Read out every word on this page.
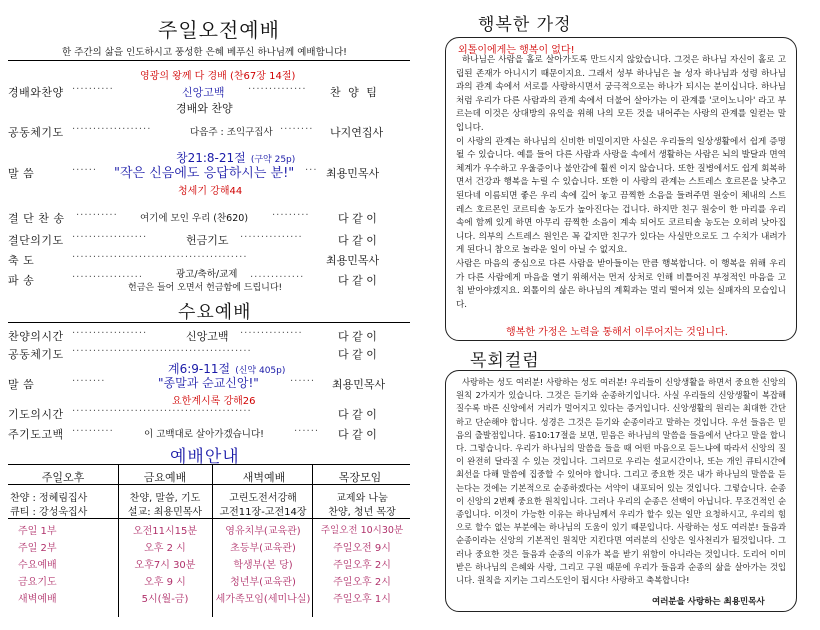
주일오전예배
한 주간의 삶을 인도하시고 풍성한 은혜 베푸신 하나님께 예배합니다!
영광의 왕께 다 경배 (찬67장 14절)
경배와찬양 ··········	신앙고백 ··············	찬 양 팀
경배와 찬양
공동체기도 ···················	다음주 : 조익구집사 ········	나지연집사
창21:8-21절 (구약 25p)
말 씀	······	"작은 신음에도 응답하시는 분!" ··· 최용민목사
청세기 강해44
결 단 찬 송 ··········	여기에 모인 우리 (찬620) ·········	다 같 이
결단의기도 ··················	헌금기도 ···············	다 같 이
축 도	··········································	최용민목사
파 송	·················	광고/축하/교제 ·············	다 같 이
헌금은 들어 오면서 헌금함에 드립니다!
수요예배
찬양의시간 ··················	신앙고백 ···············	다 같 이
공동체기도 ···········································	다 같 이
계6:9-11절 (신약 405p)
말 씀	········	"종말과 순교신앙!"	······	최용민목사
요한계시록 강해26
기도의시간 ···········································	다 같 이
주기도고백 ··········	이 고백대로 살아가겠습니다!	······	다 같 이
예배안내
주일오후	금요예배	새벽예배	목장모임
찬양 : 정혜림집사	찬양, 말씀, 기도	고린도전서강해	교제와 나눔
큐티 : 강성욱집사	설교: 최용민목사	고전11장-고전14장	찬양, 청년 목장
주일 1부	오전11시15분	영유치부(교육관)	주일오전 10시30분
주일 2부	오후 2 시	초등부(교육관)	주일오전 9시
수요예배	오후7시 30분	학생부(본 당)	주일오후 2시
금요기도	오후 9 시	청년부(교육관)	주일오후 2시
새벽예배	5시(월-금)	세가족모임(세미나실)	주일오후 1시
행복한 가정
외톨이에게는 행복이 없다!
하나님은 사람을 홀로 살아가도록 만드시지 않았습니다. 그것은 하나님 자신이 홀로 고립된 존재가 아니시기 때문이지요. 그래서 성부 하나님은 늘 성자 하나님과 성령 하나님과의 관계 속에서 서로를 사랑하시면서 궁극적으로는 하나가 되시는 분이십니다. 하나님처럼 우리가 다른 사람과의 관계 속에서 더불어 살아가는 이 관계를 '코이노니아' 라고 부르는데 이것은 상대방의 유익을 위해 나의 모든 것을 내어주는 사랑의 관계를 일컫는 말입니다.
이 사랑의 관계는 하나님의 신비한 비밀이지만 사실은 우리들의 일상생활에서 쉽게 증명 될 수 있습니다. 예를 들어 다른 사람과 사랑을 속에서 생활하는 사람은 뇌의 발달과 면역체계가 우수하고 우울증이나 불안감에 훨씬 이지 않습니다. 또한 질병에서도 쉽게 회복하면서 건강과 행복을 누릴 수 있습니다. 또한 이 사랑의 관계는 스트레스 호르몬을 낮추고 된다네 이름되면 좋은 우리 속에 깊어 놓고 끔찍한 소음을 들려주면 원숭이 체내의 스트레스 호르몬인 코르티솔 농도가 높아진다는 겁니다. 하지만 친구 원숭이 한 마리를 우리 속에 함께 있게 하면 아무리 끔찍한 소음이 계속 되어도 코르티솔 농도는 오히려 낮아집니다. 의부의 스트레스 원인은 꼭 같지만 친구가 있다는 사실만으로도 그 수치가 내려가게 된다니 참으로 놀라운 일이 아닐 수 없지요.
사람은 마음의 중심으로 다른 사람을 받아들이는 만큼 행복합니다. 이 행복을 위해 우리가 다른 사람에게 마음을 열기 위해서는 먼저 상처로 인해 비틀어진 부정적인 마음을 고침 받아야겠지요. 외톨이의 삶은 하나님의 계획과는 멀리 떨어져 있는 실패자의 모습입니다.
행복한 가정은 노력을 통해서 이루어지는 것입니다.
목회컬럼
사랑하는 성도 여러분! 사랑하는 성도 여러분! 우리들이 신앙생활을 하면서 중요한 신앙의 원칙 2가지가 있습니다. 그것은 듣기와 순종하기입니다. 사실 우리들의 신앙생활이 복잡해 질수록 바른 신앙에서 거리가 멀어지고 있다는 증거입니다. 신앙생활의 원리는 최대한 간단하고 단순해야 합니다. 성경은 그것은 듣기와 순종이라고 말하는 것입니다. 우선 들음은 믿음의 출발점입니다. 롬10:17절을 보면, 믿음은 하나님의 말씀을 들음에서 난다고 말을 합니다. 그렇습니다. 우리가 하나님의 말씀을 들을 때 어떤 마음으로 듣느냐에 따라서 신앙의 질이 완전히 달라질 수 있는 것입니다. 그러므로 우리는 설교시간이나, 또는 개인 큐티시간에 최선을 다해 말씀에 집중할 수 있어야 합니다. 그리고 중요한 것은 내가 하나님의 말씀을 듣는다는 것에는 기본적으로 순종하겠다는 서약이 내포되어 있는 것입니다. 그렇습니다. 순종이 신앙의 2번째 중요한 원칙입니다. 그러나 우리의 순종은 선택이 아닙니다. 무조건적인 순종입니다. 이것이 가능한 이유는 하나님께서 우리가 할수 있는 일만 요청하시고, 우리의 힘으로 할수 없는 부분에는 하나님의 도움이 있기 때문입니다. 사랑하는 성도 여러분! 들음과 순종이라는 신앙의 기본적인 원칙만 지킨다면 여러분의 신앙은 일사천리가 될것입니다. 그러나 중요한 것은 들음과 순종의 이유가 복을 받기 위함이 아니라는 것입니다. 도리어 이미 받은 하나님의 은혜와 사랑, 그리고 구원 때문에 우리가 들음과 순종의 삶을 살아가는 것입니다. 원칙을 지키는 그리스도인이 됩시다! 사랑하고 축복합니다!
여러분을 사랑하는 최용민목사
